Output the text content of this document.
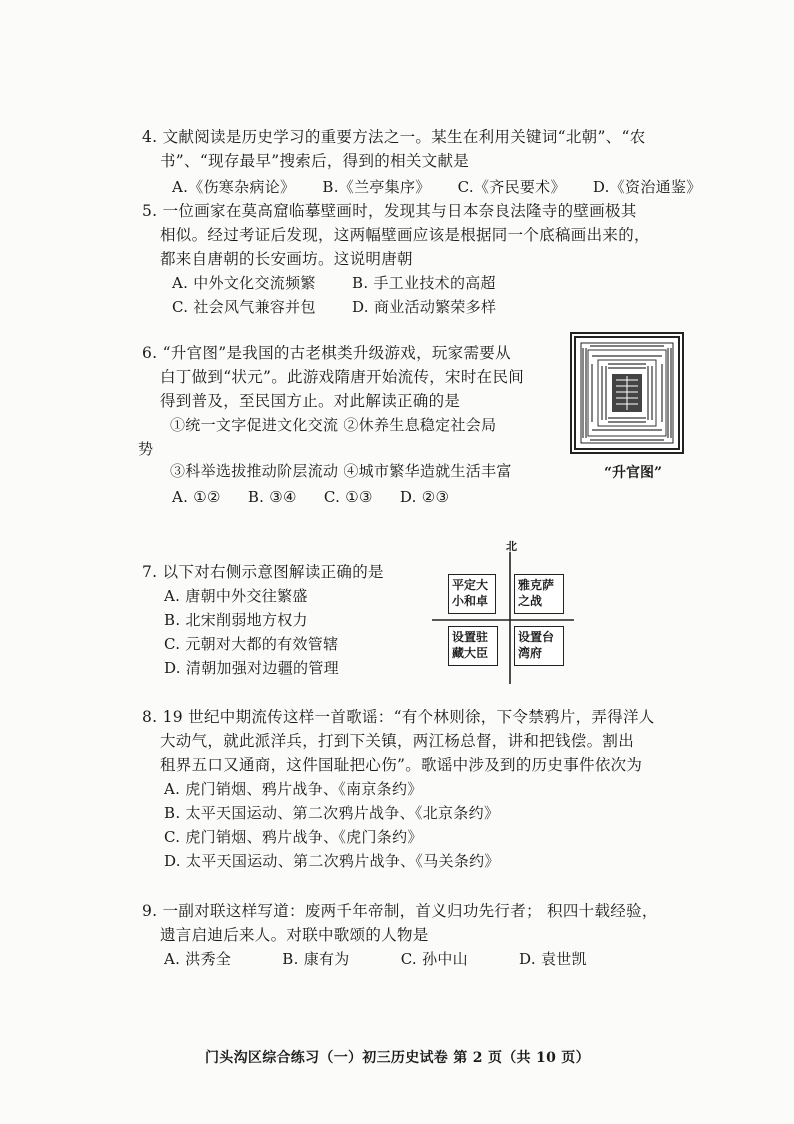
4. 文献阅读是历史学习的重要方法之一。某生在利用关键词“北朝”、“农
书”、“现存最早”搜索后，得到的相关文献是
A.《伤寒杂病论》 B.《兰亭集序》 C.《齐民要术》 D.《资治通鉴》
5. 一位画家在莫高窟临摹壁画时，发现其与日本奈良法隆寺的壁画极其
相似。经过考证后发现，这两幅壁画应该是根据同一个底稿画出来的，
都来自唐朝的长安画坊。这说明唐朝
A. 中外文化交流频繁 B. 手工业技术的高超
C. 社会风气兼容并包 D. 商业活动繁荣多样
6. “升官图”是我国的古老棋类升级游戏，玩家需要从
白丁做到“状元”。此游戏隋唐开始流传，宋时在民间
得到普及，至民国方止。对此解读正确的是
①统一文字促进文化交流 ②休养生息稳定社会局
势
③科举选拔推动阶层流动 ④城市繁华造就生活丰富
A. ①② B. ③④ C. ①③ D. ②③
“升官图”
7. 以下对右侧示意图解读正确的是
A. 唐朝中外交往繁盛
B. 北宋削弱地方权力
C. 元朝对大都的有效管辖
D. 清朝加强对边疆的管理
北
平定大小和卓
雅克萨之战
设置驻藏大臣
设置台湾府
8. 19 世纪中期流传这样一首歌谣：“有个林则徐，下令禁鸦片，弄得洋人
大动气，就此派洋兵，打到下关镇，两江杨总督，讲和把钱偿。割出
租界五口又通商，这件国耻把心伤”。歌谣中涉及到的历史事件依次为
A. 虎门销烟、鸦片战争、《南京条约》
B. 太平天国运动、第二次鸦片战争、《北京条约》
C. 虎门销烟、鸦片战争、《虎门条约》
D. 太平天国运动、第二次鸦片战争、《马关条约》
9. 一副对联这样写道：废两千年帝制，首义归功先行者； 积四十载经验，
遗言启迪后来人。对联中歌颂的人物是
A. 洪秀全	B. 康有为	C. 孙中山	D. 袁世凯
门头沟区综合练习（一）初三历史试卷 第 2 页（共 10 页）
